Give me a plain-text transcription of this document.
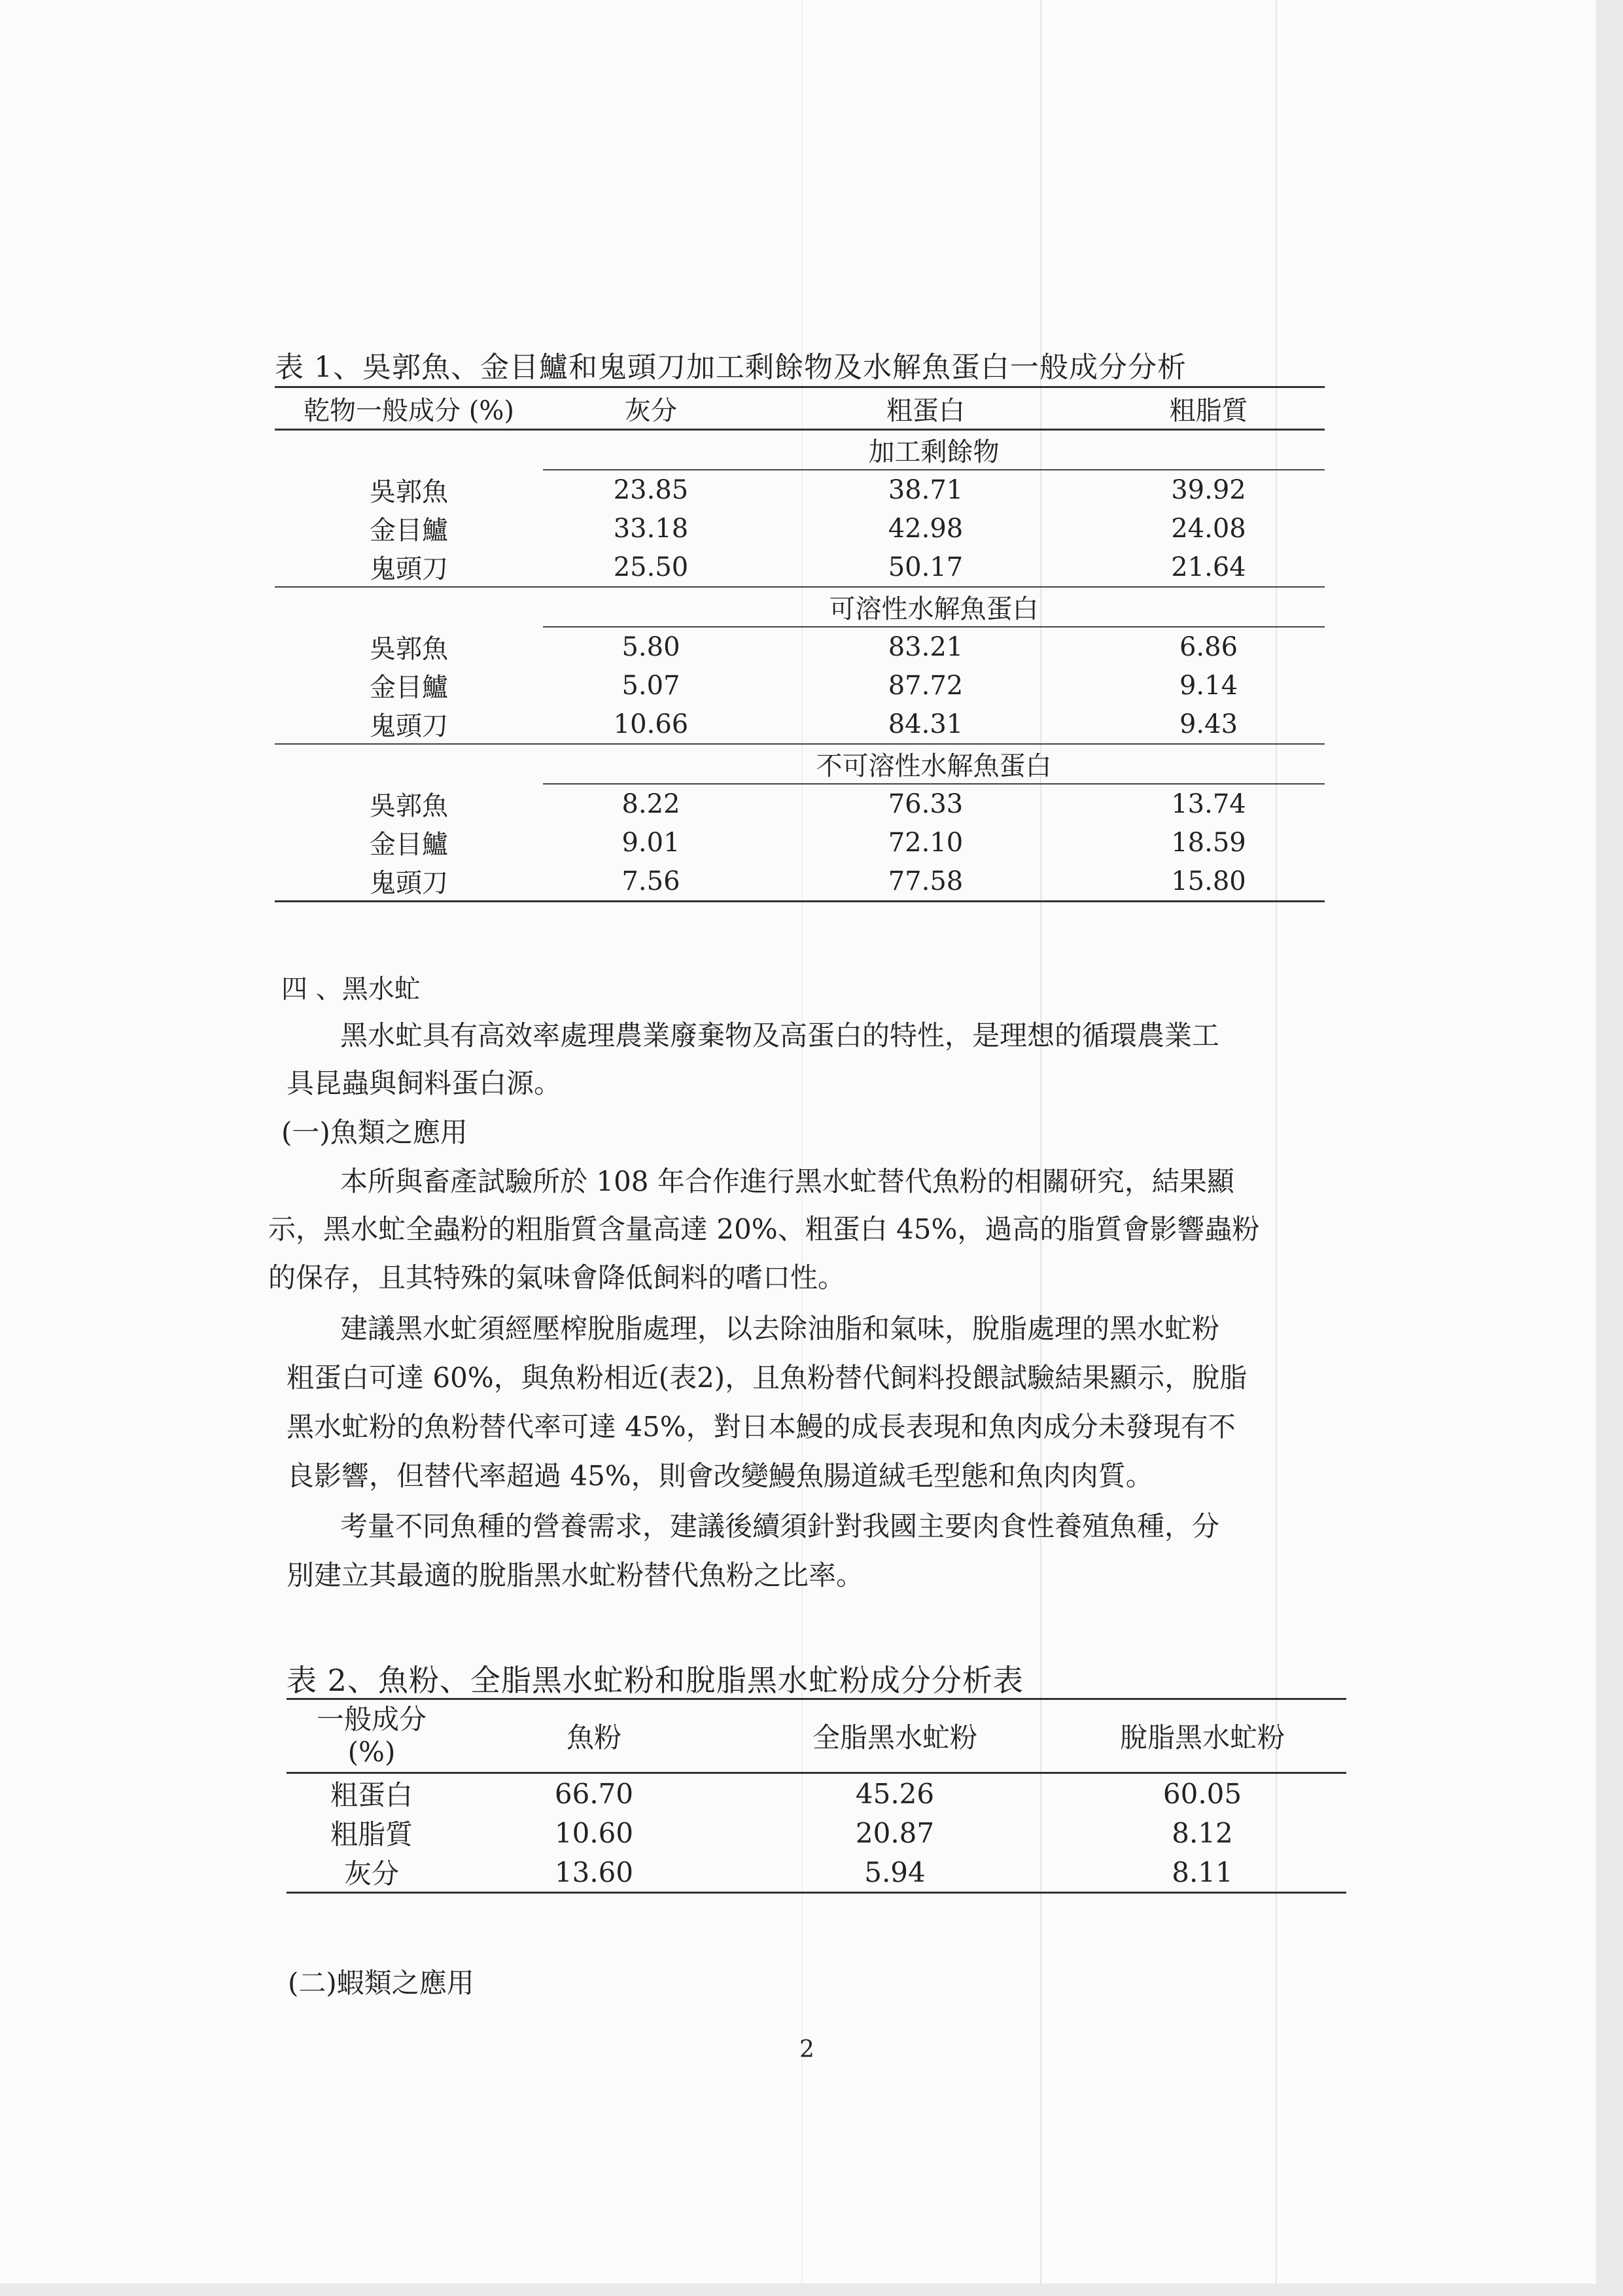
表 1、吳郭魚、金目鱸和鬼頭刀加工剩餘物及水解魚蛋白一般成分分析
乾物一般成分 (%)	灰分	粗蛋白	粗脂質
	加工剩餘物		
吳郭魚	23.85	38.71	39.92
金目鱸	33.18	42.98	24.08
鬼頭刀	25.50	50.17	21.64
	可溶性水解魚蛋白		
吳郭魚	5.80	83.21	6.86
金目鱸	5.07	87.72	9.14
鬼頭刀	10.66	84.31	9.43
	不可溶性水解魚蛋白		
吳郭魚	8.22	76.33	13.74
金目鱸	9.01	72.10	18.59
鬼頭刀	7.56	77.58	15.80
四 、黑水虻
黑水虻具有高效率處理農業廢棄物及高蛋白的特性，是理想的循環農業工
具昆蟲與飼料蛋白源。
(一)魚類之應用
本所與畜產試驗所於 108 年合作進行黑水虻替代魚粉的相關研究，結果顯
示，黑水虻全蟲粉的粗脂質含量高達 20%、粗蛋白 45%，過高的脂質會影響蟲粉
的保存，且其特殊的氣味會降低飼料的嗜口性。
建議黑水虻須經壓榨脫脂處理，以去除油脂和氣味，脫脂處理的黑水虻粉
粗蛋白可達 60%，與魚粉相近(表2)，且魚粉替代飼料投餵試驗結果顯示，脫脂
黑水虻粉的魚粉替代率可達 45%，對日本鰻的成長表現和魚肉成分未發現有不
良影響，但替代率超過 45%，則會改變鰻魚腸道絨毛型態和魚肉肉質。
考量不同魚種的營養需求，建議後續須針對我國主要肉食性養殖魚種，分
別建立其最適的脫脂黑水虻粉替代魚粉之比率。
表 2、魚粉、全脂黑水虻粉和脫脂黑水虻粉成分分析表
一般成分
(%)	魚粉	全脂黑水虻粉	脫脂黑水虻粉
粗蛋白	66.70	45.26	60.05
粗脂質	10.60	20.87	8.12
灰分	13.60	5.94	8.11
(二)蝦類之應用
2
